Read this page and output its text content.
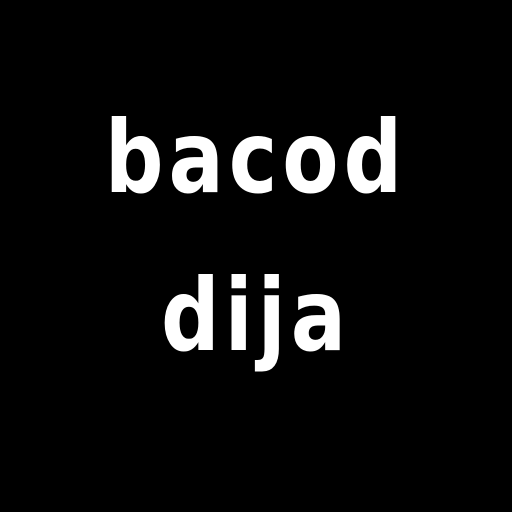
bacod
dija
